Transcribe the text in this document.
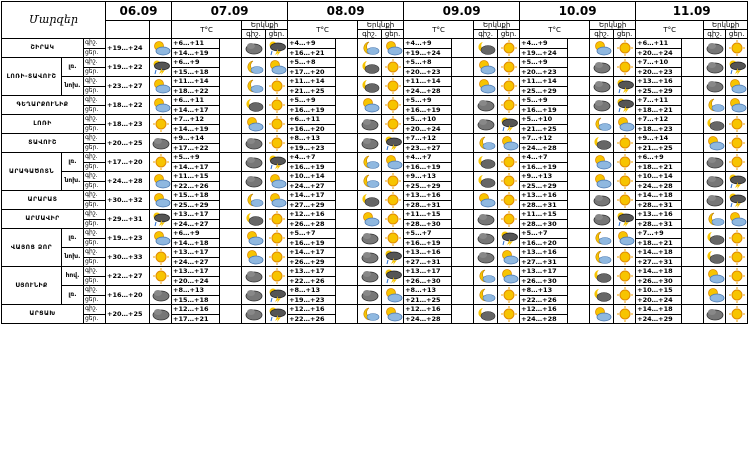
Մարզեր			06.09		07.09				08.09				09.09				10.09				11.09			
					T°C		Երկնքի		T°C		Երկնքի		T°C		Երկնքի		T°C		Երկնքի		T°C		Երկնքի	
							գիշ.	ցեր.			գիշ.	ցեր.			գիշ.	ցեր.			գիշ.	ցեր.			գիշ.	ցեր.
ՇԻՐԱԿ		գիշ.	+19…+24		+6…+11				+4…+9				+4…+9				+4…+9				+6…+11		

		ցեր.			+14…+19				+16…+21				+19…+24				+19…+24				+20…+24			
ԼՈՌԻ-ՏԱՎՈՒՇ	լռ.	գիշ.	+19…+22		+6…+9				+5…+8				+5…+8				+5…+9				+7…+10		

		ցեր.			+15…+18				+17…+20				+20…+23				+20…+23				+20…+23			
	նոխ.	գիշ.	+23…+27		+11…+14				+11…+14				+11…+14				+11…+14				+13…+16		

		ցեր.			+18…+22				+21…+25				+24…+28				+25…+29				+25…+29			
ԳԵՂԱՐՔՈՒՆԻՔ		գիշ.	+18…+22		+6…+11				+5…+9				+5…+9				+5…+9				+7…+11		

		ցեր.			+14…+17				+16…+19				+16…+19				+16…+19				+18…+21			
ԼՈՌԻ		գիշ.	+18…+23		+7…+12				+6…+11				+5…+10				+5…+10				+7…+12		

		ցեր.			+14…+19				+16…+20				+20…+24				+21…+25				+18…+23			
ՏԱՎՈՒՇ		գիշ.	+20…+25		+9…+14				+8…+13				+7…+12				+7…+12				+9…+14		

		ցեր.			+17…+22				+19…+23				+23…+27				+24…+28				+21…+25			
ԱՐԱԳԱԾՈՏՆ	լռ.	գիշ.	+17…+20		+5…+9				+4…+7				+4…+7				+4…+7				+6…+9		

		ցեր.			+14…+17				+16…+19				+16…+19				+16…+19				+18…+21			
	նոխ.	գիշ.	+24…+28		+11…+15				+10…+14				+9…+13				+9…+13				+10…+14		

		ցեր.			+22…+26				+24…+27				+25…+29				+25…+29				+24…+28			
ԱՐԱՐԱՏ		գիշ.	+30…+32		+15…+18				+14…+17				+13…+16				+13…+16				+14…+18		

		ցեր.			+25…+29				+27…+29				+28…+31				+28…+31				+28…+31			
ԱՐՄԱՎԻՐ		գիշ.	+29…+31		+13…+17				+12…+16				+11…+15				+11…+15				+13…+16		

		ցեր.			+24…+27				+26…+28				+28…+30				+28…+30				+28…+31			
ՎԱՅՈՑ ՁՈՐ	լռ.	գիշ.	+19…+23		+6…+9				+5…+7				+5…+7				+5…+7				+7…+9		

		ցեր.			+14…+18				+16…+19				+16…+19				+16…+20				+18…+21			
	նոխ.	գիշ.	+30…+33		+13…+17				+14…+17				+13…+16				+13…+16				+14…+18		

		ցեր.			+24…+27				+26…+29				+27…+31				+27…+31				+27…+31			
ՍՅՈՒՆԻՔ	հով.	գիշ.	+22…+27		+13…+17				+13…+17				+13…+17				+13…+17				+14…+18		

		ցեր.			+20…+24				+22…+26				+26…+30				+26…+30				+26…+30			
	լռ.	գիշ.	+16…+20		+8…+13				+8…+13				+8…+13				+8…+13				+10…+15		

		ցեր.			+15…+18				+19…+23				+21…+25				+22…+26				+20…+24			
ԱՐՑԱԽ		գիշ.	+20…+25		+12…+16				+12…+16				+12…+16				+12…+16				+14…+18		

		ցեր.			+17…+21				+22…+26				+24…+28				+24…+28				+24…+29			
